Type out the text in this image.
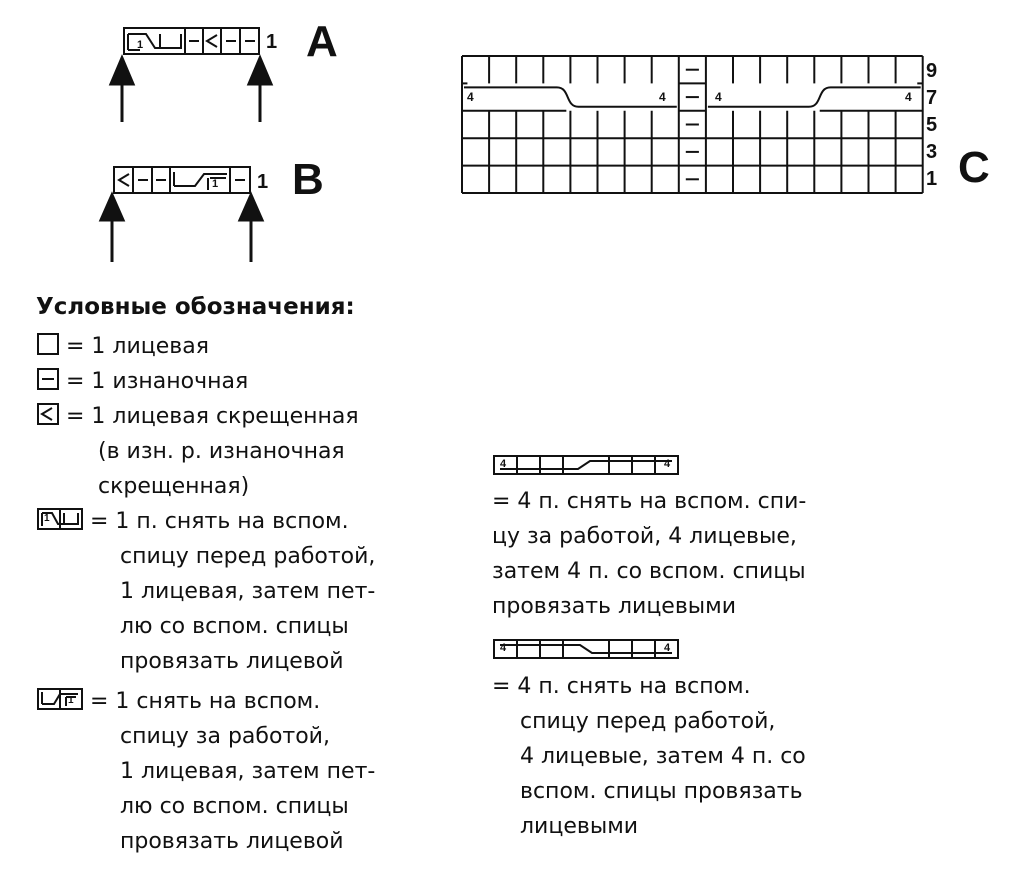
1	1 A
1 1 B
9
7
5
3
1 C
4	4	4	4
Условные обозначения:
1
1
= 1 лицевая
= 1 изнаночная
= 1 лицевая скрещенная
(в изн. р. изнаночная
скрещенная)
= 1 п. снять на вспом.
спицу перед работой,
1 лицевая, затем пет-
лю со вспом. спицы
провязать лицевой
= 1 снять на вспом.
спицу за работой,
1 лицевая, затем пет-
лю со вспом. спицы
провязать лицевой
4	4
4	4
= 4 п. снять на вспом. спи-
цу за работой, 4 лицевые,
затем 4 п. со вспом. спицы
провязать лицевыми
= 4 п. снять на вспом.
спицу перед работой,
4 лицевые, затем 4 п. со
вспом. спицы провязать
лицевыми
